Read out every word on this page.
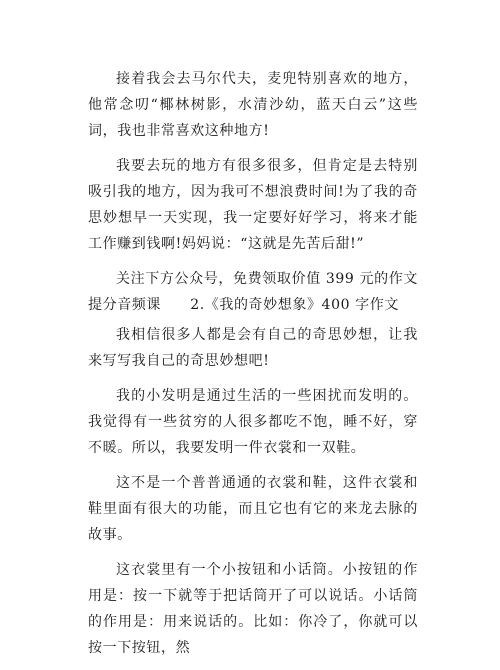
接着我会去马尔代夫，麦兜特别喜欢的地方，他常念叨“椰林树影，水清沙幼，蓝天白云”这些词，我也非常喜欢这种地方!

我要去玩的地方有很多很多，但肯定是去特别吸引我的地方，因为我可不想浪费时间!为了我的奇思妙想早一天实现，我一定要好好学习，将来才能工作赚到钱啊!妈妈说：“这就是先苦后甜!”

关注下方公众号，免费领取价值 399 元的作文提分音频课　　2.《我的奇妙想象》400 字作文

我相信很多人都是会有自己的奇思妙想，让我来写写我自己的奇思妙想吧!

我的小发明是通过生活的一些困扰而发明的。我觉得有一些贫穷的人很多都吃不饱，睡不好，穿不暖。所以，我要发明一件衣裳和一双鞋。

这不是一个普普通通的衣裳和鞋，这件衣裳和鞋里面有很大的功能，而且它也有它的来龙去脉的故事。

这衣裳里有一个小按钮和小话筒。小按钮的作用是：按一下就等于把话筒开了可以说话。小话筒的作用是：用来说话的。比如：你冷了，你就可以按一下按钮，然
